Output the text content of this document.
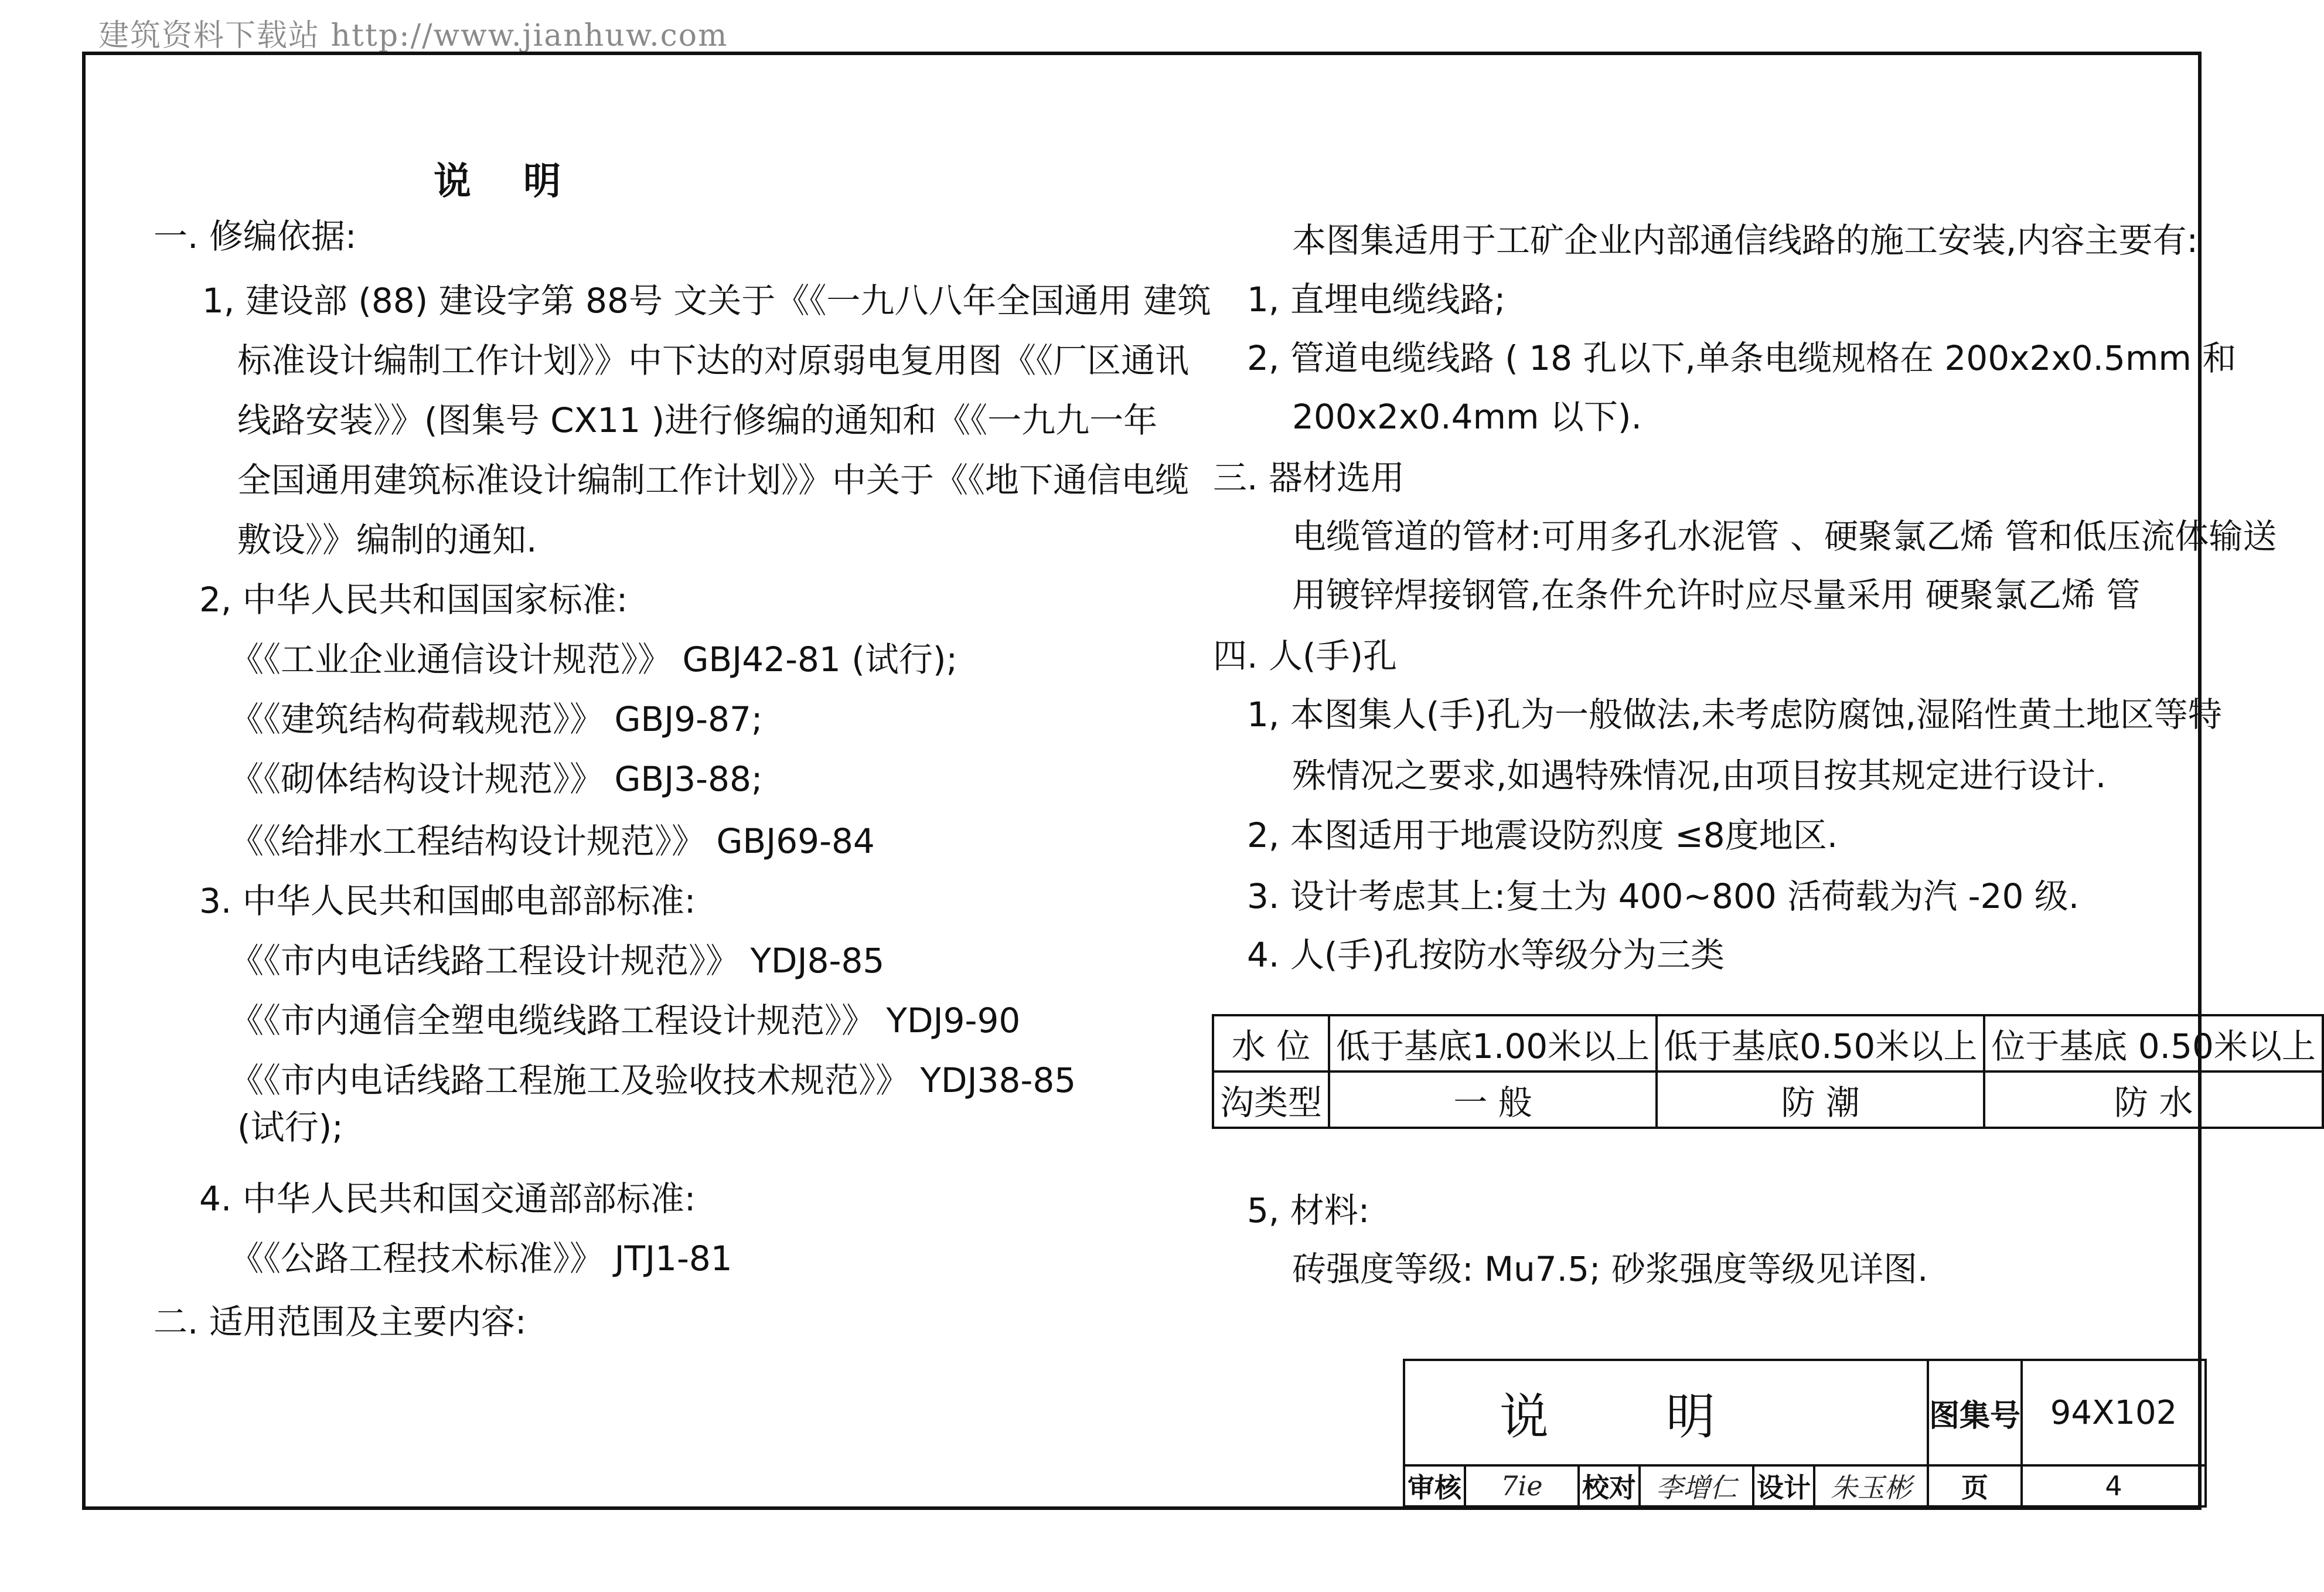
建筑资料下载站 http://www.jianhuw.com
说    明
一. 修编依据:
1, 建设部 (88) 建设字第 88号 文关于《《一九八八年全国通用 建筑
标准设计编制工作计划》》中下达的对原弱电复用图《《厂区通讯
线路安装》》(图集号 CX11 )进行修编的通知和《《一九九一年
全国通用建筑标准设计编制工作计划》》中关于《《地下通信电缆
敷设》》编制的通知.
2, 中华人民共和国国家标准:
《《工业企业通信设计规范》》 GBJ42-81 (试行);
《《建筑结构荷载规范》》 GBJ9-87;
《《砌体结构设计规范》》 GBJ3-88;
《《给排水工程结构设计规范》》 GBJ69-84
3. 中华人民共和国邮电部部标准:
《《市内电话线路工程设计规范》》 YDJ8-85
《《市内通信全塑电缆线路工程设计规范》》 YDJ9-90
《《市内电话线路工程施工及验收技术规范》》 YDJ38-85
(试行);
4. 中华人民共和国交通部部标准:
《《公路工程技术标准》》 JTJ1-81
二. 适用范围及主要内容:
本图集适用于工矿企业内部通信线路的施工安装,内容主要有:
1, 直埋电缆线路;
2, 管道电缆线路 ( 18 孔以下,单条电缆规格在 200x2x0.5mm 和
200x2x0.4mm 以下).
三. 器材选用
电缆管道的管材:可用多孔水泥管 、硬聚氯乙烯 管和低压流体输送
用镀锌焊接钢管,在条件允许时应尽量采用 硬聚氯乙烯 管
四. 人(手)孔
1, 本图集人(手)孔为一般做法,未考虑防腐蚀,湿陷性黄土地区等特
殊情况之要求,如遇特殊情况,由项目按其规定进行设计.
2, 本图适用于地震设防烈度 ≤8度地区.
3. 设计考虑其上:复土为 400~800 活荷载为汽 -20 级.
4. 人(手)孔按防水等级分为三类
5, 材料:
砖强度等级: Mu7.5; 砂浆强度等级见详图.
水 位	低于基底1.00米以上	低于基底0.50米以上	位于基底 0.50米以上
沟类型	一 般	防 潮	防 水
说明						图集号	94X102
审核	7ie	校对	李增仁	设计	朱玉彬	页	4
